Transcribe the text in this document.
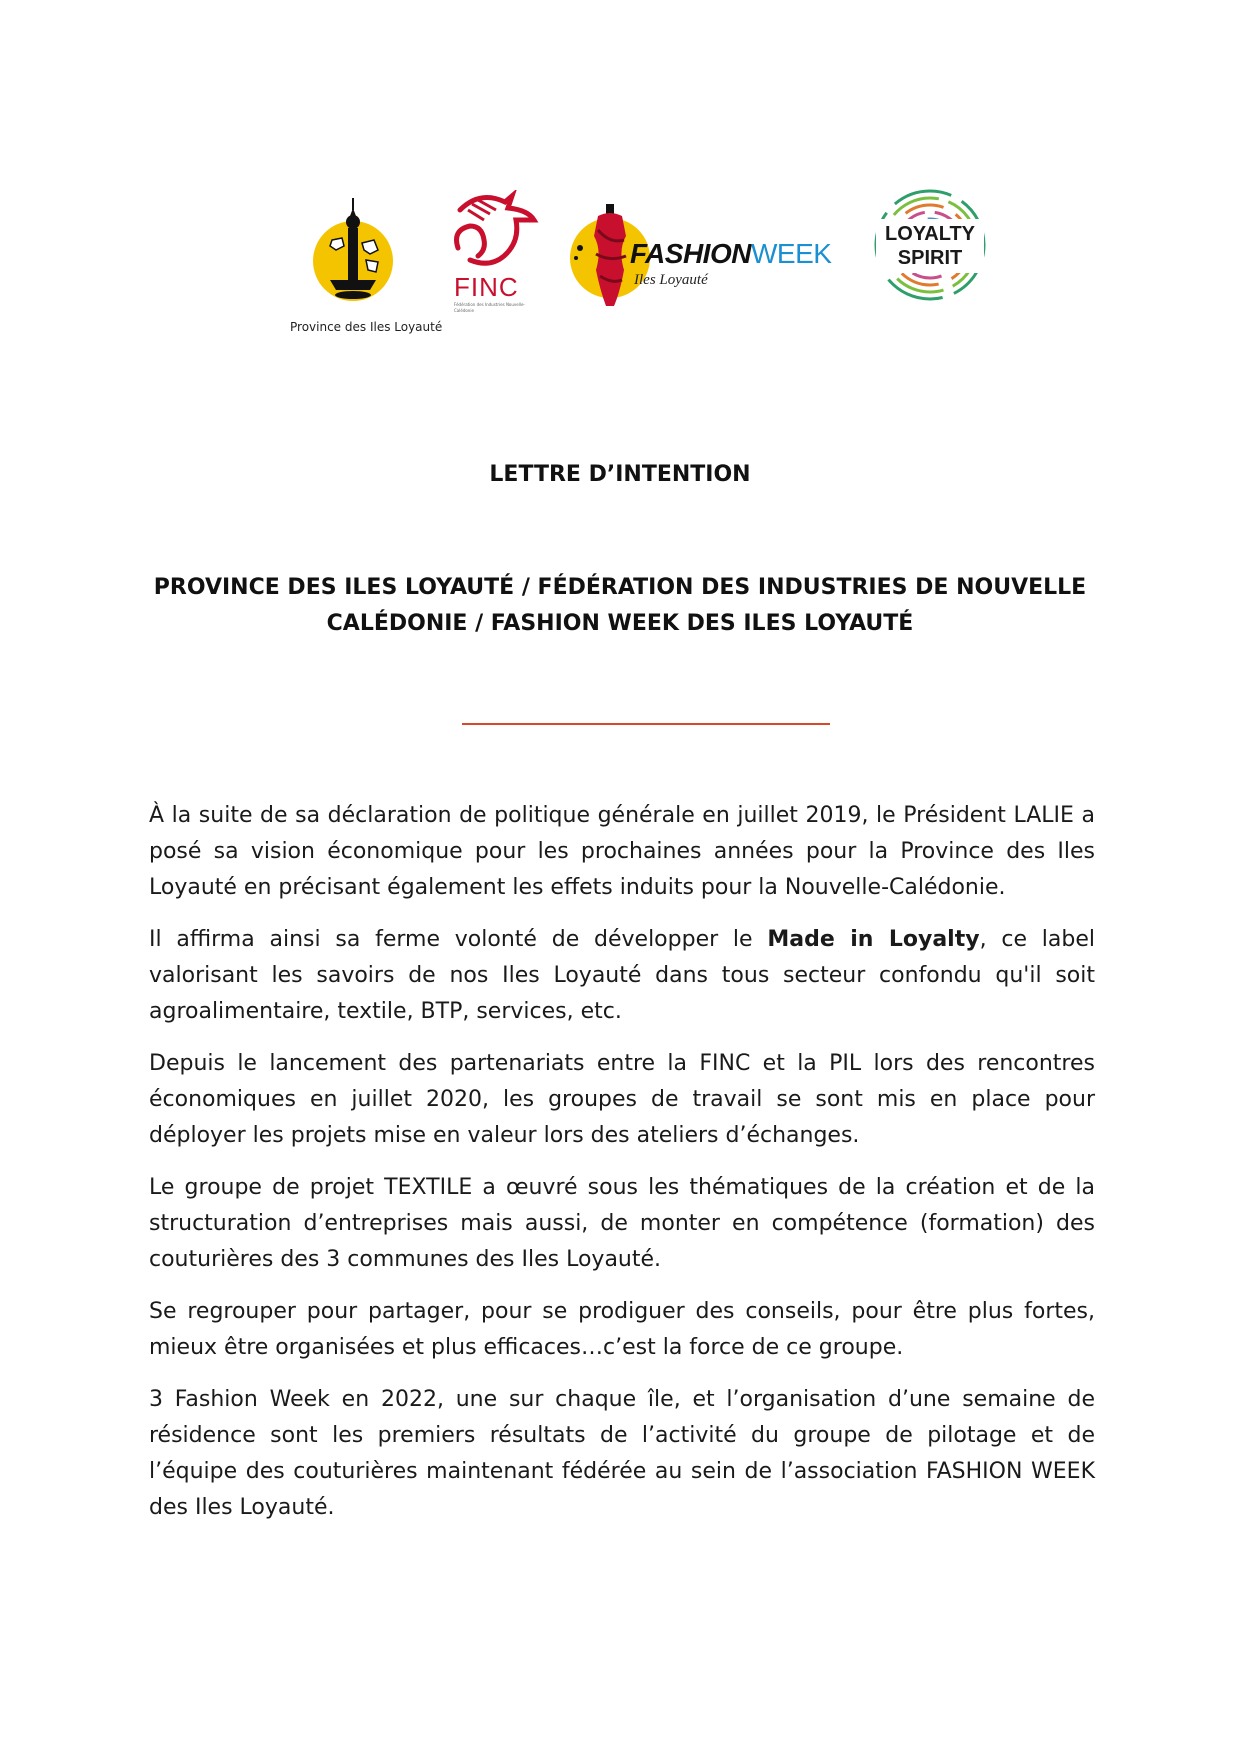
Province des Iles Loyauté
FINC
Fédération des Industries Nouvelle-Calédonie
FASHIONWEEK
Iles Loyauté
LOYALTY
SPIRIT
LETTRE D’INTENTION
PROVINCE DES ILES LOYAUTÉ / FÉDÉRATION DES INDUSTRIES DE NOUVELLE CALÉDONIE / FASHION WEEK DES ILES LOYAUTÉ

À la suite de sa déclaration de politique générale en juillet 2019, le Président LALIE a posé sa vision économique pour les prochaines années pour la Province des Iles Loyauté en précisant également les effets induits pour la Nouvelle-Calédonie.

Il affirma ainsi sa ferme volonté de développer le Made in Loyalty, ce label valorisant les savoirs de nos Iles Loyauté dans tous secteur confondu qu'il soit agroalimentaire, textile, BTP, services, etc.

Depuis le lancement des partenariats entre la FINC et la PIL lors des rencontres économiques en juillet 2020, les groupes de travail se sont mis en place pour déployer les projets mise en valeur lors des ateliers d’échanges.

Le groupe de projet TEXTILE a œuvré sous les thématiques de la création et de la structuration d’entreprises mais aussi, de monter en compétence (formation) des couturières des 3 communes des Iles Loyauté.

Se regrouper pour partager, pour se prodiguer des conseils, pour être plus fortes, mieux être organisées et plus efficaces…c’est la force de ce groupe.

3 Fashion Week en 2022, une sur chaque île, et l’organisation d’une semaine de résidence sont les premiers résultats de l’activité du groupe de pilotage et de l’équipe des couturières maintenant fédérée au sein de l’association FASHION WEEK des Iles Loyauté.
